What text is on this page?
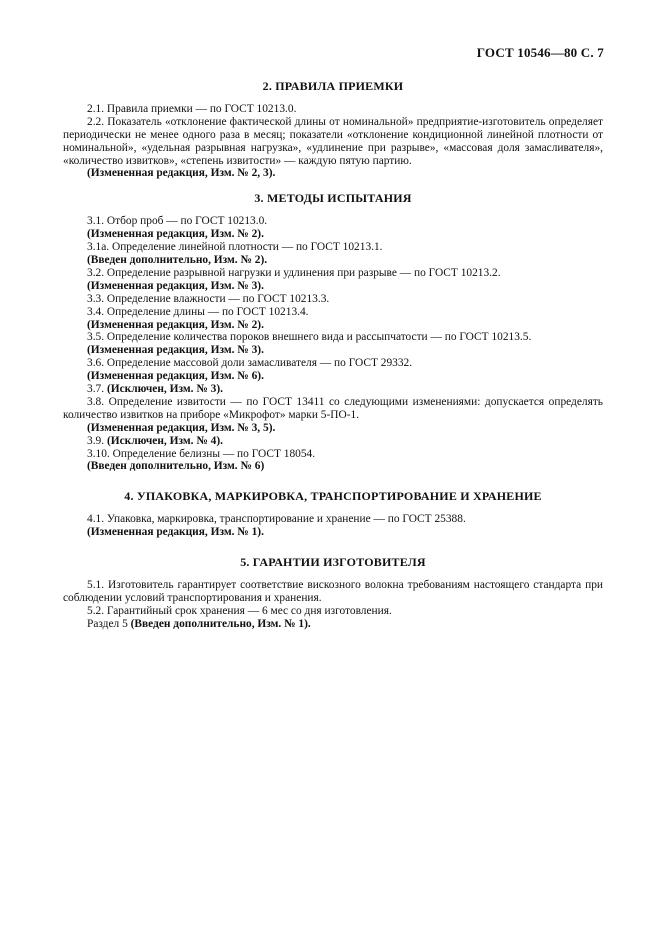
ГОСТ 10546—80 С. 7
2. ПРАВИЛА ПРИЕМКИ

2.1. Правила приемки — по ГОСТ 10213.0.

2.2. Показатель «отклонение фактической длины от номинальной» предприятие-изготовитель определяет периодически не менее одного раза в месяц; показатели «отклонение кондиционной линейной плотности от номинальной», «удельная разрывная нагрузка», «удлинение при разрыве», «массовая доля замасливателя», «количество извитков», «степень извитости» — каждую пятую партию.

(Измененная редакция, Изм. № 2, 3).

3. МЕТОДЫ ИСПЫТАНИЯ

3.1. Отбор проб — по ГОСТ 10213.0.

(Измененная редакция, Изм. № 2).

3.1а. Определение линейной плотности — по ГОСТ 10213.1.

(Введен дополнительно, Изм. № 2).

3.2. Определение разрывной нагрузки и удлинения при разрыве — по ГОСТ 10213.2.

(Измененная редакция, Изм. № 3).

3.3. Определение влажности — по ГОСТ 10213.3.

3.4. Определение длины — по ГОСТ 10213.4.

(Измененная редакция, Изм. № 2).

3.5. Определение количества пороков внешнего вида и рассыпчатости — по ГОСТ 10213.5.

(Измененная редакция, Изм. № 3).

3.6. Определение массовой доли замасливателя — по ГОСТ 29332.

(Измененная редакция, Изм. № 6).

3.7. (Исключен, Изм. № 3).

3.8. Определение извитости — по ГОСТ 13411 со следующими изменениями: допускается определять количество извитков на приборе «Микрофот» марки 5-ПО-1.

(Измененная редакция, Изм. № 3, 5).

3.9. (Исключен, Изм. № 4).

3.10. Определение белизны — по ГОСТ 18054.

(Введен дополнительно, Изм. № 6)

4. УПАКОВКА, МАРКИРОВКА, ТРАНСПОРТИРОВАНИЕ И ХРАНЕНИЕ

4.1. Упаковка, маркировка, транспортирование и хранение — по ГОСТ 25388.

(Измененная редакция, Изм. № 1).

5. ГАРАНТИИ ИЗГОТОВИТЕЛЯ

5.1. Изготовитель гарантирует соответствие вискозного волокна требованиям настоящего стандарта при соблюдении условий транспортирования и хранения.

5.2. Гарантийный срок хранения — 6 мес со дня изготовления.

Раздел 5 (Введен дополнительно, Изм. № 1).
